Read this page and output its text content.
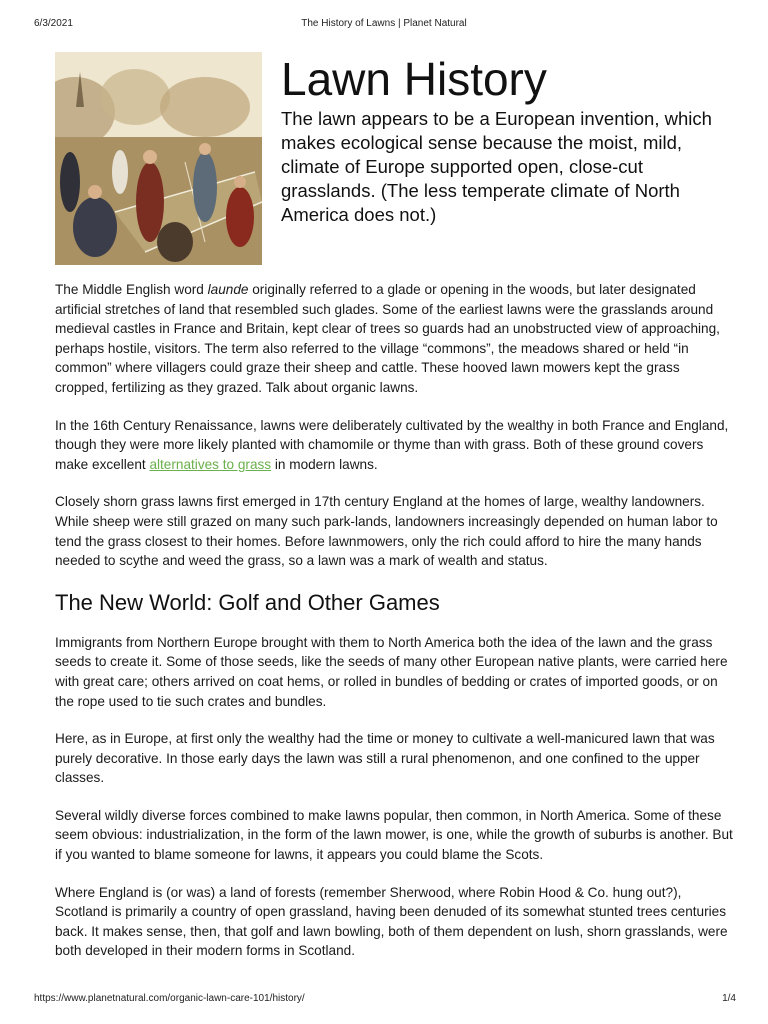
6/3/2021	The History of Lawns | Planet Natural
Lawn History

The lawn appears to be a European invention, which makes ecological sense because the moist, mild, climate of Europe supported open, close-cut grasslands. (The less temperate climate of North America does not.)

The Middle English word launde originally referred to a glade or opening in the woods, but later designated artificial stretches of land that resembled such glades. Some of the earliest lawns were the grasslands around medieval castles in France and Britain, kept clear of trees so guards had an unobstructed view of approaching, perhaps hostile, visitors. The term also referred to the village “commons”, the meadows shared or held “in common” where villagers could graze their sheep and cattle. These hooved lawn mowers kept the grass cropped, fertilizing as they grazed. Talk about organic lawns.

In the 16th Century Renaissance, lawns were deliberately cultivated by the wealthy in both France and England, though they were more likely planted with chamomile or thyme than with grass. Both of these ground covers make excellent alternatives to grass in modern lawns.

Closely shorn grass lawns first emerged in 17th century England at the homes of large, wealthy landowners. While sheep were still grazed on many such park-lands, landowners increasingly depended on human labor to tend the grass closest to their homes. Before lawnmowers, only the rich could afford to hire the many hands needed to scythe and weed the grass, so a lawn was a mark of wealth and status.

The New World: Golf and Other Games

Immigrants from Northern Europe brought with them to North America both the idea of the lawn and the grass seeds to create it. Some of those seeds, like the seeds of many other European native plants, were carried here with great care; others arrived on coat hems, or rolled in bundles of bedding or crates of imported goods, or on the rope used to tie such crates and bundles.

Here, as in Europe, at first only the wealthy had the time or money to cultivate a well-manicured lawn that was purely decorative. In those early days the lawn was still a rural phenomenon, and one confined to the upper classes.

Several wildly diverse forces combined to make lawns popular, then common, in North America. Some of these seem obvious: industrialization, in the form of the lawn mower, is one, while the growth of suburbs is another. But if you wanted to blame someone for lawns, it appears you could blame the Scots.

Where England is (or was) a land of forests (remember Sherwood, where Robin Hood & Co. hung out?), Scotland is primarily a country of open grassland, having been denuded of its somewhat stunted trees centuries back. It makes sense, then, that golf and lawn bowling, both of them dependent on lush, shorn grasslands, were both developed in their modern forms in Scotland.

https://www.planetnatural.com/organic-lawn-care-101/history/	1/4
